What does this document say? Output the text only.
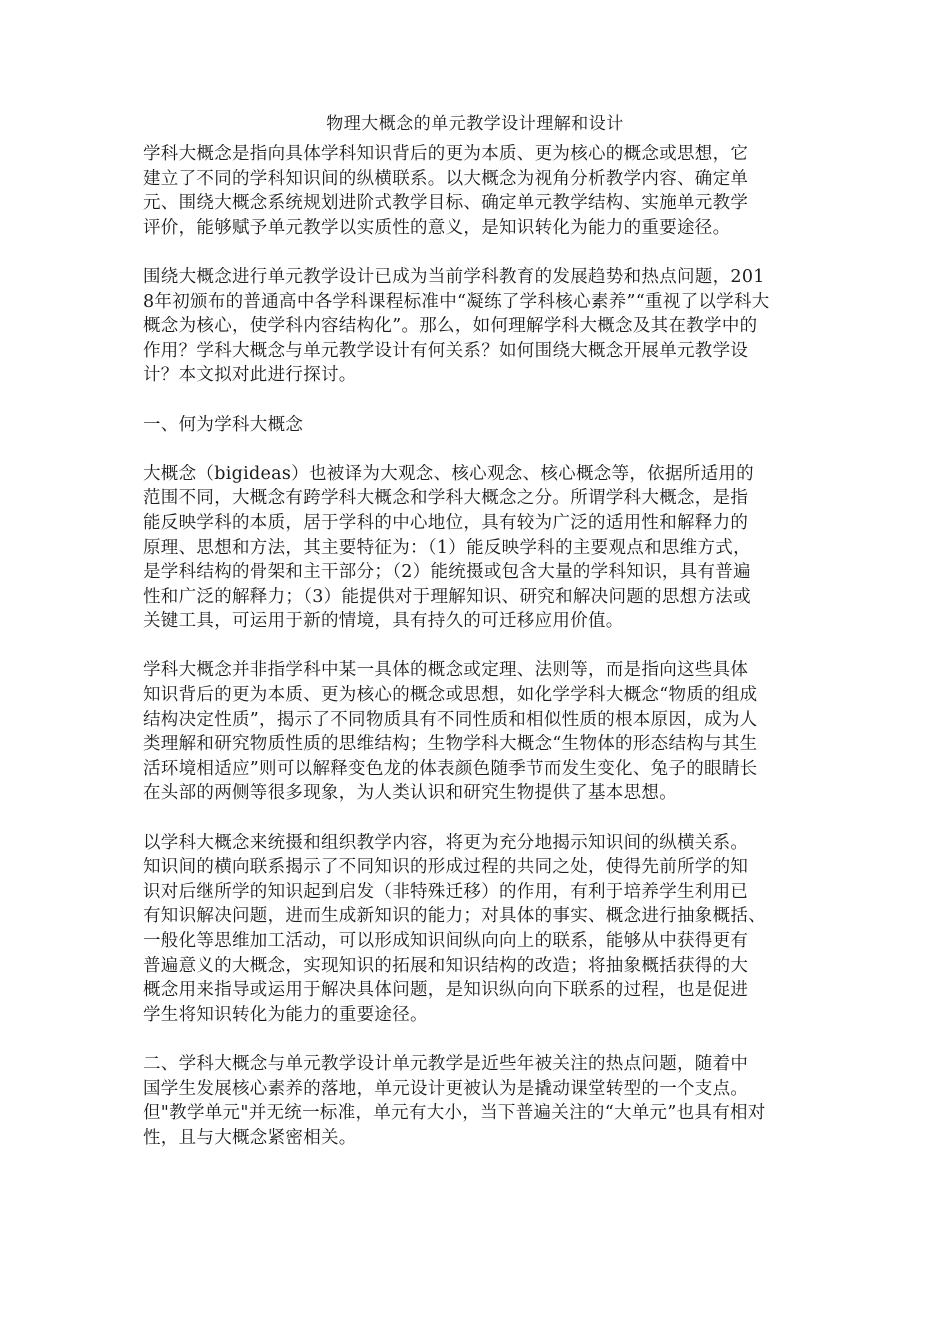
物理大概念的单元教学设计理解和设计
学科大概念是指向具体学科知识背后的更为本质、更为核心的概念或思想，它
建立了不同的学科知识间的纵横联系。以大概念为视角分析教学内容、确定单
元、围绕大概念系统规划进阶式教学目标、确定单元教学结构、实施单元教学
评价，能够赋予单元教学以实质性的意义，是知识转化为能力的重要途径。
围绕大概念进行单元教学设计已成为当前学科教育的发展趋势和热点问题，201
8年初颁布的普通高中各学科课程标准中“凝练了学科核心素养”“重视了以学科大
概念为核心，使学科内容结构化”。那么，如何理解学科大概念及其在教学中的
作用？学科大概念与单元教学设计有何关系？如何围绕大概念开展单元教学设
计？本文拟对此进行探讨。
一、何为学科大概念
大概念（bigideas）也被译为大观念、核心观念、核心概念等，依据所适用的
范围不同，大概念有跨学科大概念和学科大概念之分。所谓学科大概念，是指
能反映学科的本质，居于学科的中心地位，具有较为广泛的适用性和解释力的
原理、思想和方法，其主要特征为：（1）能反映学科的主要观点和思维方式，
是学科结构的骨架和主干部分；（2）能统摄或包含大量的学科知识，具有普遍
性和广泛的解释力；（3）能提供对于理解知识、研究和解决问题的思想方法或
关键工具，可运用于新的情境，具有持久的可迁移应用价值。
学科大概念并非指学科中某一具体的概念或定理、法则等，而是指向这些具体
知识背后的更为本质、更为核心的概念或思想，如化学学科大概念“物质的组成
结构决定性质”，揭示了不同物质具有不同性质和相似性质的根本原因，成为人
类理解和研究物质性质的思维结构；生物学科大概念“生物体的形态结构与其生
活环境相适应”则可以解释变色龙的体表颜色随季节而发生变化、兔子的眼睛长
在头部的两侧等很多现象，为人类认识和研究生物提供了基本思想。
以学科大概念来统摄和组织教学内容，将更为充分地揭示知识间的纵横关系。
知识间的横向联系揭示了不同知识的形成过程的共同之处，使得先前所学的知
识对后继所学的知识起到启发（非特殊迁移）的作用，有利于培养学生利用已
有知识解决问题，进而生成新知识的能力；对具体的事实、概念进行抽象概括、
一般化等思维加工活动，可以形成知识间纵向向上的联系，能够从中获得更有
普遍意义的大概念，实现知识的拓展和知识结构的改造；将抽象概括获得的大
概念用来指导或运用于解决具体问题，是知识纵向向下联系的过程，也是促进
学生将知识转化为能力的重要途径。
二、学科大概念与单元教学设计单元教学是近些年被关注的热点问题，随着中
国学生发展核心素养的落地，单元设计更被认为是撬动课堂转型的一个支点。
但"教学单元"并无统一标准，单元有大小，当下普遍关注的“大单元”也具有相对
性，且与大概念紧密相关。
